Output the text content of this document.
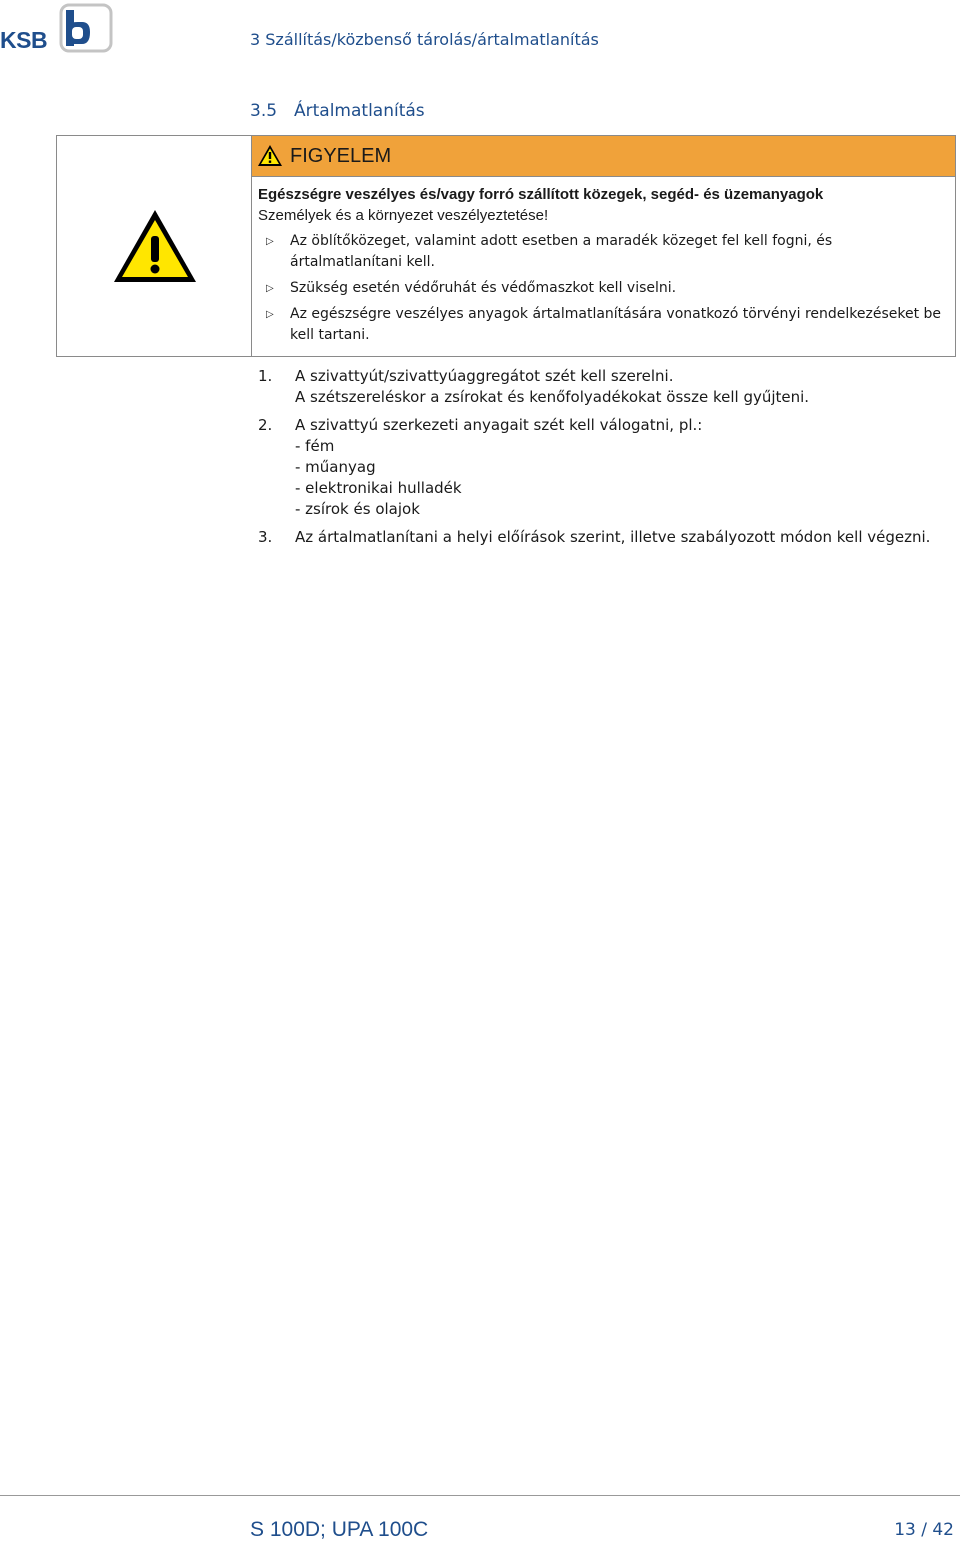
KSB	3 Szállítás/közbenső tárolás/ártalmatlanítás
3.5 Ártalmatlanítás
FIGYELEM
Egészségre veszélyes és/vagy forró szállított közegek, segéd- és üzemanyagok
Személyek és a környezet veszélyeztetése!
▷ Az öblítőközeget, valamint adott esetben a maradék közeget fel kell fogni, és ártalmatlanítani kell.
▷ Szükség esetén védőruhát és védőmaszkot kell viselni.
▷ Az egészségre veszélyes anyagok ártalmatlanítására vonatkozó törvényi rendelkezéseket be kell tartani.
1. A szivattyút/szivattyúaggregátot szét kell szerelni.
A szétszereléskor a zsírokat és kenőfolyadékokat össze kell gyűjteni.
2. A szivattyú szerkezeti anyagait szét kell válogatni, pl.:
- fém
- műanyag
- elektronikai hulladék
- zsírok és olajok
3. Az ártalmatlanítani a helyi előírások szerint, illetve szabályozott módon kell végezni.
S 100D; UPA 100C	13 / 42
